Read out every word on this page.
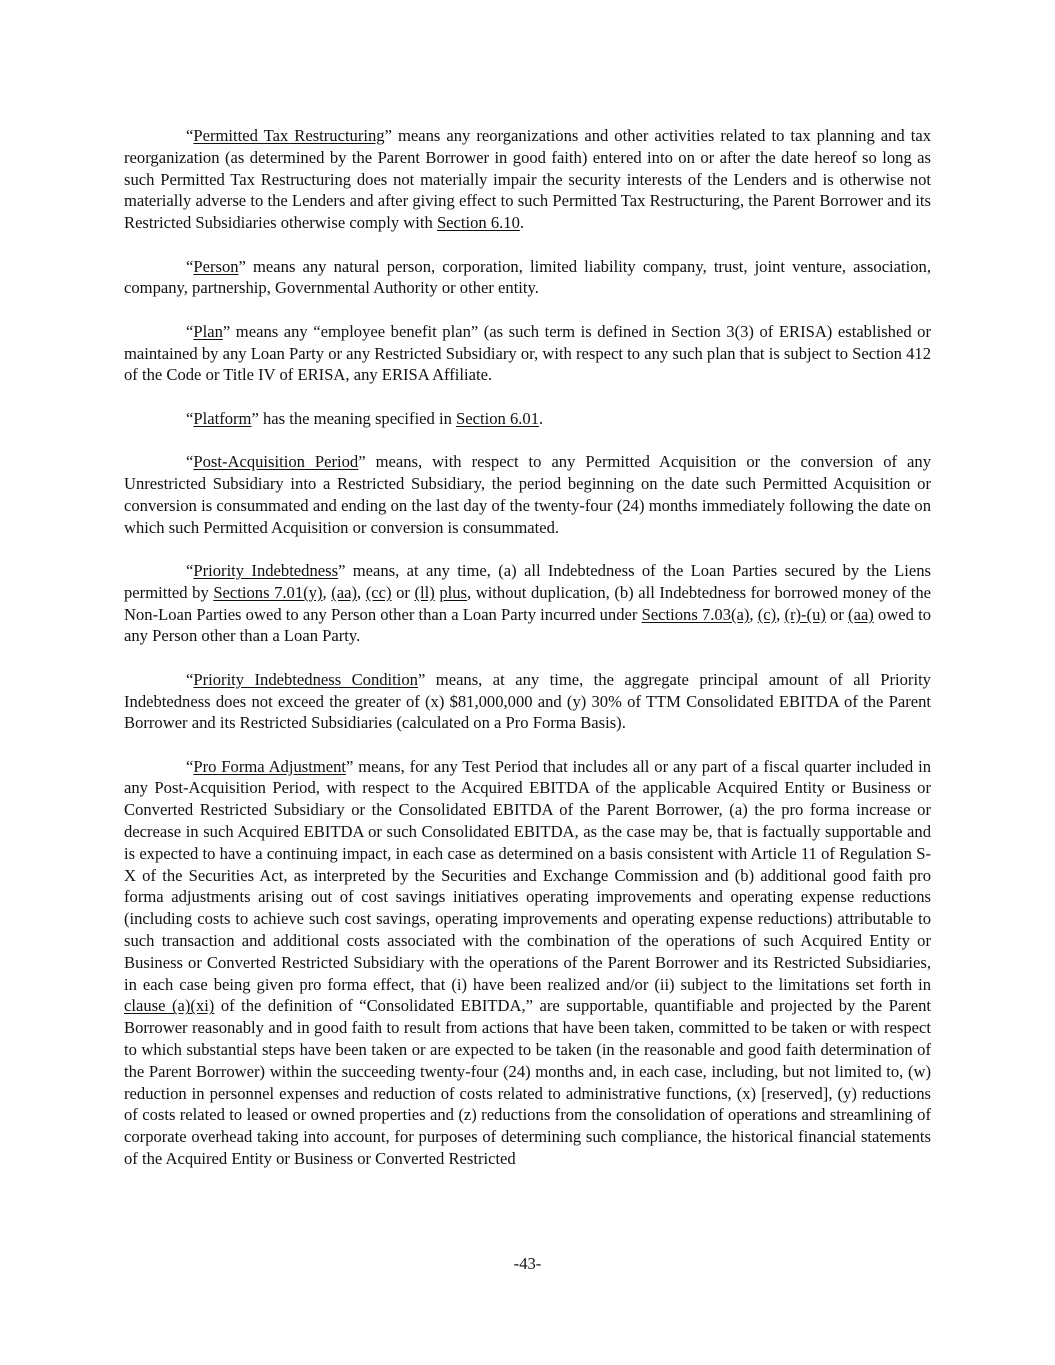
“Permitted Tax Restructuring” means any reorganizations and other activities related to tax planning and tax reorganization (as determined by the Parent Borrower in good faith) entered into on or after the date hereof so long as such Permitted Tax Restructuring does not materially impair the security interests of the Lenders and is otherwise not materially adverse to the Lenders and after giving effect to such Permitted Tax Restructuring, the Parent Borrower and its Restricted Subsidiaries otherwise comply with Section 6.10.

“Person” means any natural person, corporation, limited liability company, trust, joint venture, association, company, partnership, Governmental Authority or other entity.

“Plan” means any “employee benefit plan” (as such term is defined in Section 3(3) of ERISA) established or maintained by any Loan Party or any Restricted Subsidiary or, with respect to any such plan that is subject to Section 412 of the Code or Title IV of ERISA, any ERISA Affiliate.

“Platform” has the meaning specified in Section 6.01.

“Post-Acquisition Period” means, with respect to any Permitted Acquisition or the conversion of any Unrestricted Subsidiary into a Restricted Subsidiary, the period beginning on the date such Permitted Acquisition or conversion is consummated and ending on the last day of the twenty-four (24) months immediately following the date on which such Permitted Acquisition or conversion is consummated.

“Priority Indebtedness” means, at any time, (a) all Indebtedness of the Loan Parties secured by the Liens permitted by Sections 7.01(y), (aa), (cc) or (ll) plus, without duplication, (b) all Indebtedness for borrowed money of the Non-Loan Parties owed to any Person other than a Loan Party incurred under Sections 7.03(a), (c), (r)-(u) or (aa) owed to any Person other than a Loan Party.

“Priority Indebtedness Condition” means, at any time, the aggregate principal amount of all Priority Indebtedness does not exceed the greater of (x) $81,000,000 and (y) 30% of TTM Consolidated EBITDA of the Parent Borrower and its Restricted Subsidiaries (calculated on a Pro Forma Basis).

“Pro Forma Adjustment” means, for any Test Period that includes all or any part of a fiscal quarter included in any Post-Acquisition Period, with respect to the Acquired EBITDA of the applicable Acquired Entity or Business or Converted Restricted Subsidiary or the Consolidated EBITDA of the Parent Borrower, (a) the pro forma increase or decrease in such Acquired EBITDA or such Consolidated EBITDA, as the case may be, that is factually supportable and is expected to have a continuing impact, in each case as determined on a basis consistent with Article 11 of Regulation S-X of the Securities Act, as interpreted by the Securities and Exchange Commission and (b) additional good faith pro forma adjustments arising out of cost savings initiatives operating improvements and operating expense reductions (including costs to achieve such cost savings, operating improvements and operating expense reductions) attributable to such transaction and additional costs associated with the combination of the operations of such Acquired Entity or Business or Converted Restricted Subsidiary with the operations of the Parent Borrower and its Restricted Subsidiaries, in each case being given pro forma effect, that (i) have been realized and/or (ii) subject to the limitations set forth in clause (a)(xi) of the definition of “Consolidated EBITDA,” are supportable, quantifiable and projected by the Parent Borrower reasonably and in good faith to result from actions that have been taken, committed to be taken or with respect to which substantial steps have been taken or are expected to be taken (in the reasonable and good faith determination of the Parent Borrower) within the succeeding twenty-four (24) months and, in each case, including, but not limited to, (w) reduction in personnel expenses and reduction of costs related to administrative functions, (x) [reserved], (y) reductions of costs related to leased or owned properties and (z) reductions from the consolidation of operations and streamlining of corporate overhead taking into account, for purposes of determining such compliance, the historical financial statements of the Acquired Entity or Business or Converted Restricted

-43-
